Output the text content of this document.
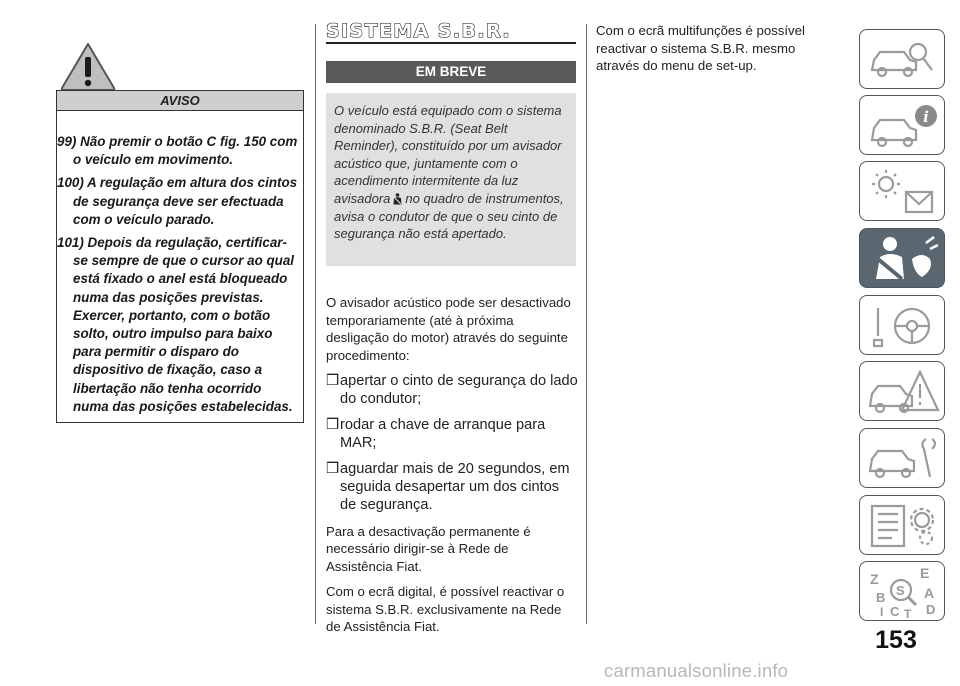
AVISO
99) Não premir o botão C fig. 150 com o veículo em movimento.
100) A regulação em altura dos cintos de segurança deve ser efectuada com o veículo parado.
101) Depois da regulação, certificar-se sempre de que o cursor ao qual está fixado o anel está bloqueado numa das posições previstas. Exercer, portanto, com o botão solto, outro impulso para baixo para permitir o disparo do dispositivo de fixação, caso a libertação não tenha ocorrido numa das posições estabelecidas.
SISTEMA S.B.R.
EM BREVE
O veículo está equipado com o sistema denominado S.B.R. (Seat Belt Reminder), constituído por um avisador acústico que, juntamente com o acendimento intermitente da luz avisadora no quadro de instrumentos, avisa o condutor de que o seu cinto de segurança não está apertado.

O avisador acústico pode ser desactivado temporariamente (até à próxima desligação do motor) através do seguinte procedimento:

❒apertar o cinto de segurança do lado do condutor;
❒rodar a chave de arranque para MAR;
❒aguardar mais de 20 segundos, em seguida desapertar um dos cintos de segurança.

Para a desactivação permanente é necessário dirigir-se à Rede de Assistência Fiat.

Com o ecrã digital, é possível reactivar o sistema S.B.R. exclusivamente na Rede de Assistência Fiat.

Com o ecrã multifunções é possível reactivar o sistema S.B.R. mesmo através do menu de set-up.
i
Z	E
S A
B
C D
I T
153
carmanualsonline.info
